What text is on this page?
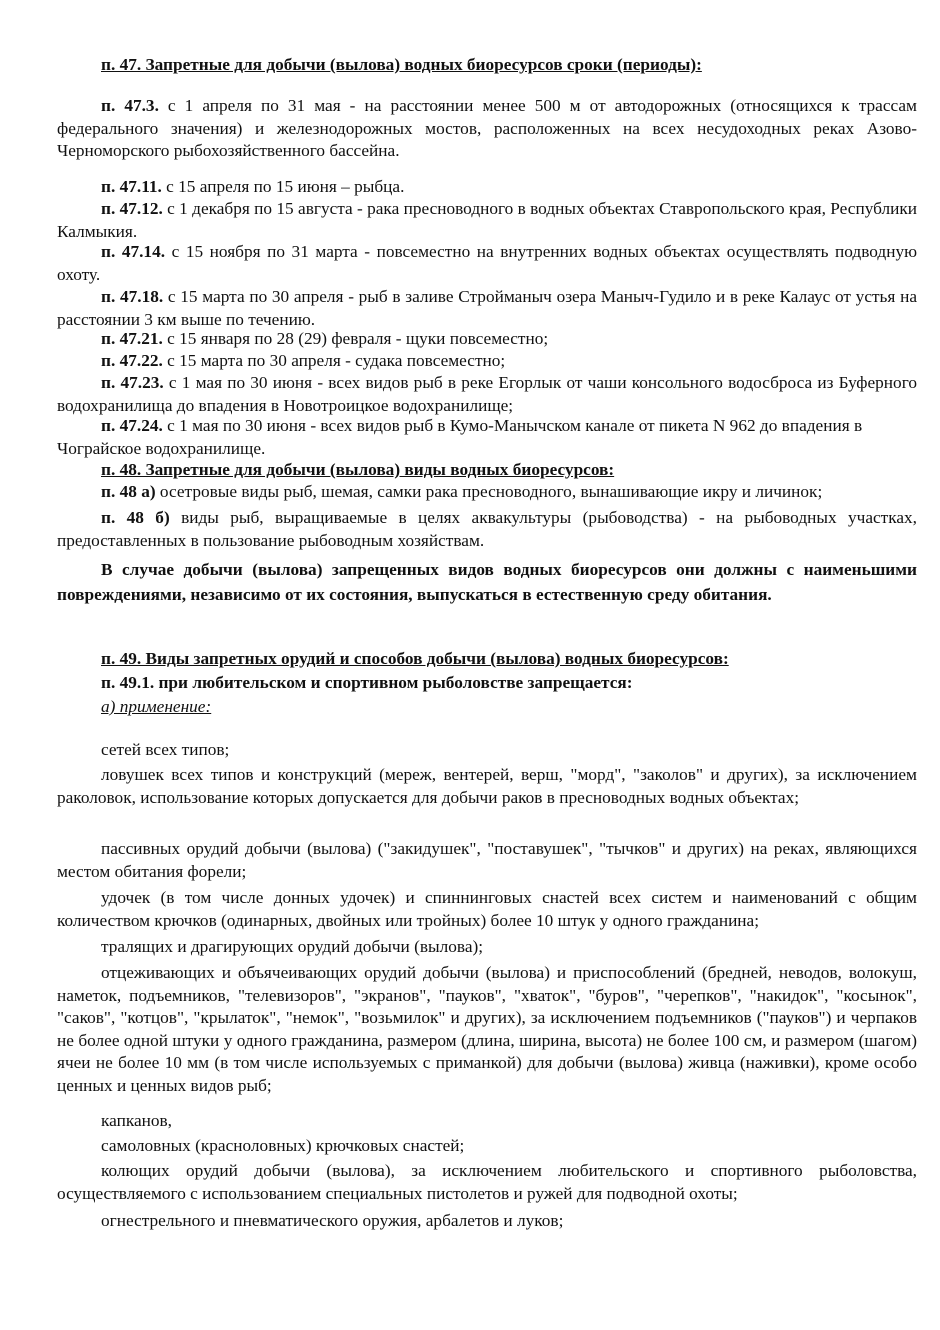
п. 47. Запретные для добычи (вылова) водных биоресурсов сроки (периоды):

п. 47.3. с 1 апреля по 31 мая - на расстоянии менее 500 м от автодорожных (относящихся к трассам федерального значения) и железнодорожных мостов, расположенных на всех несудоходных реках Азово-Черноморского рыбохозяйственного бассейна.

п. 47.11. с 15 апреля по 15 июня – рыбца.

п. 47.12. с 1 декабря по 15 августа - рака пресноводного в водных объектах Ставропольского края, Республики Калмыкия.

п. 47.14. с 15 ноября по 31 марта - повсеместно на внутренних водных объектах осуществлять подводную охоту.

п. 47.18. с 15 марта по 30 апреля - рыб в заливе Стройманыч озера Маныч-Гудило и в реке Калаус от устья на расстоянии 3 км выше по течению.

п. 47.21. с 15 января по 28 (29) февраля - щуки повсеместно;

п. 47.22. с 15 марта по 30 апреля - судака повсеместно;

п. 47.23. с 1 мая по 30 июня - всех видов рыб в реке Егорлык от чаши консольного водосброса из Буферного водохранилища до впадения в Новотроицкое водохранилище;

п. 47.24. с 1 мая по 30 июня - всех видов рыб в Кумо-Манычском канале от пикета N 962 до впадения в Чограйское водохранилище.

п. 48. Запретные для добычи (вылова) виды водных биоресурсов:

п. 48 а) осетровые виды рыб, шемая, самки рака пресноводного, вынашивающие икру и личинок;

п. 48 б) виды рыб, выращиваемые в целях аквакультуры (рыбоводства) - на рыбоводных участках, предоставленных в пользование рыбоводным хозяйствам.

В случае добычи (вылова) запрещенных видов водных биоресурсов они должны с наименьшими повреждениями, независимо от их состояния, выпускаться в естественную среду обитания.

п. 49. Виды запретных орудий и способов добычи (вылова) водных биоресурсов:

п. 49.1. при любительском и спортивном рыболовстве запрещается:

а) применение:

сетей всех типов;

ловушек всех типов и конструкций (мереж, вентерей, верш, "морд", "заколов" и других), за исключением раколовок, использование которых допускается для добычи раков в пресноводных водных объектах;

пассивных орудий добычи (вылова) ("закидушек", "поставушек", "тычков" и других) на реках, являющихся местом обитания форели;

удочек (в том числе донных удочек) и спиннинговых снастей всех систем и наименований с общим количеством крючков (одинарных, двойных или тройных) более 10 штук у одного гражданина;

тралящих и драгирующих орудий добычи (вылова);

отцеживающих и объячеивающих орудий добычи (вылова) и приспособлений (бредней, неводов, волокуш, наметок, подъемников, "телевизоров", "экранов", "пауков", "хваток", "буров", "черепков", "накидок", "косынок", "саков", "котцов", "крылаток", "немок", "возьмилок" и других), за исключением подъемников ("пауков") и черпаков не более одной штуки у одного гражданина, размером (длина, ширина, высота) не более 100 см, и размером (шагом) ячеи не более 10 мм (в том числе используемых с приманкой) для добычи (вылова) живца (наживки), кроме особо ценных и ценных видов рыб;

капканов,

самоловных (красноловных) крючковых снастей;

колющих орудий добычи (вылова), за исключением любительского и спортивного рыболовства, осуществляемого с использованием специальных пистолетов и ружей для подводной охоты;

огнестрельного и пневматического оружия, арбалетов и луков;
